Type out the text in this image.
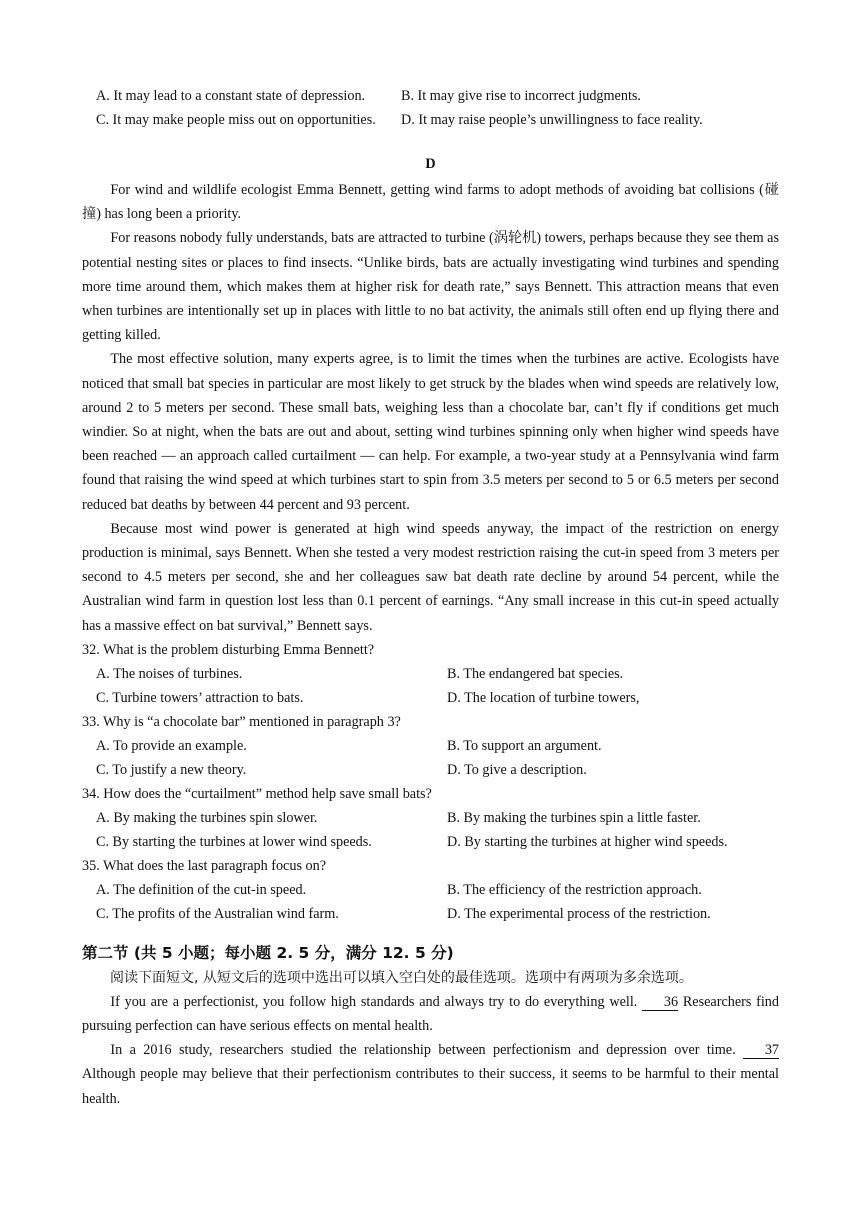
A. It may lead to a constant state of depression.	B. It may give rise to incorrect judgments.
C. It may make people miss out on opportunities.	D. It may raise people’s unwillingness to face reality.
D

For wind and wildlife ecologist Emma Bennett, getting wind farms to adopt methods of avoiding bat collisions (碰撞) has long been a priority.

For reasons nobody fully understands, bats are attracted to turbine (涡轮机) towers, perhaps because they see them as potential nesting sites or places to find insects. “Unlike birds, bats are actually investigating wind turbines and spending more time around them, which makes them at higher risk for death rate,” says Bennett. This attraction means that even when turbines are intentionally set up in places with little to no bat activity, the animals still often end up flying there and getting killed.

The most effective solution, many experts agree, is to limit the times when the turbines are active. Ecologists have noticed that small bat species in particular are most likely to get struck by the blades when wind speeds are relatively low, around 2 to 5 meters per second. These small bats, weighing less than a chocolate bar, can’t fly if conditions get much windier. So at night, when the bats are out and about, setting wind turbines spinning only when higher wind speeds have been reached — an approach called curtailment — can help. For example, a two-year study at a Pennsylvania wind farm found that raising the wind speed at which turbines start to spin from 3.5 meters per second to 5 or 6.5 meters per second reduced bat deaths by between 44 percent and 93 percent.

Because most wind power is generated at high wind speeds anyway, the impact of the restriction on energy production is minimal, says Bennett. When she tested a very modest restriction raising the cut-in speed from 3 meters per second to 4.5 meters per second, she and her colleagues saw bat death rate decline by around 54 percent, while the Australian wind farm in question lost less than 0.1 percent of earnings. “Any small increase in this cut-in speed actually has a massive effect on bat survival,” Bennett says.

32. What is the problem disturbing Emma Bennett?
A. The noises of turbines.	B. The endangered bat species.
C. Turbine towers’ attraction to bats.	D. The location of turbine towers,
33. Why is “a chocolate bar” mentioned in paragraph 3?
A. To provide an example.	B. To support an argument.
C. To justify a new theory.	D. To give a description.
34. How does the “curtailment” method help save small bats?
A. By making the turbines spin slower.	B. By making the turbines spin a little faster.
C. By starting the turbines at lower wind speeds.	D. By starting the turbines at higher wind speeds.
35. What does the last paragraph focus on?
A. The definition of the cut-in speed.	B. The efficiency of the restriction approach.
C. The profits of the Australian wind farm.	D. The experimental process of the restriction.
第二节 (共 5 小题；每小题 2. 5 分，满分 12. 5 分)
阅读下面短文, 从短文后的选项中选出可以填入空白处的最佳选项。选项中有两项为多余选项。

If you are a perfectionist, you follow high standards and always try to do everything well. 36 Researchers find pursuing perfection can have serious effects on mental health.

In a 2016 study, researchers studied the relationship between perfectionism and depression over time. 37 Although people may believe that their perfectionism contributes to their success, it seems to be harmful to their mental health.
